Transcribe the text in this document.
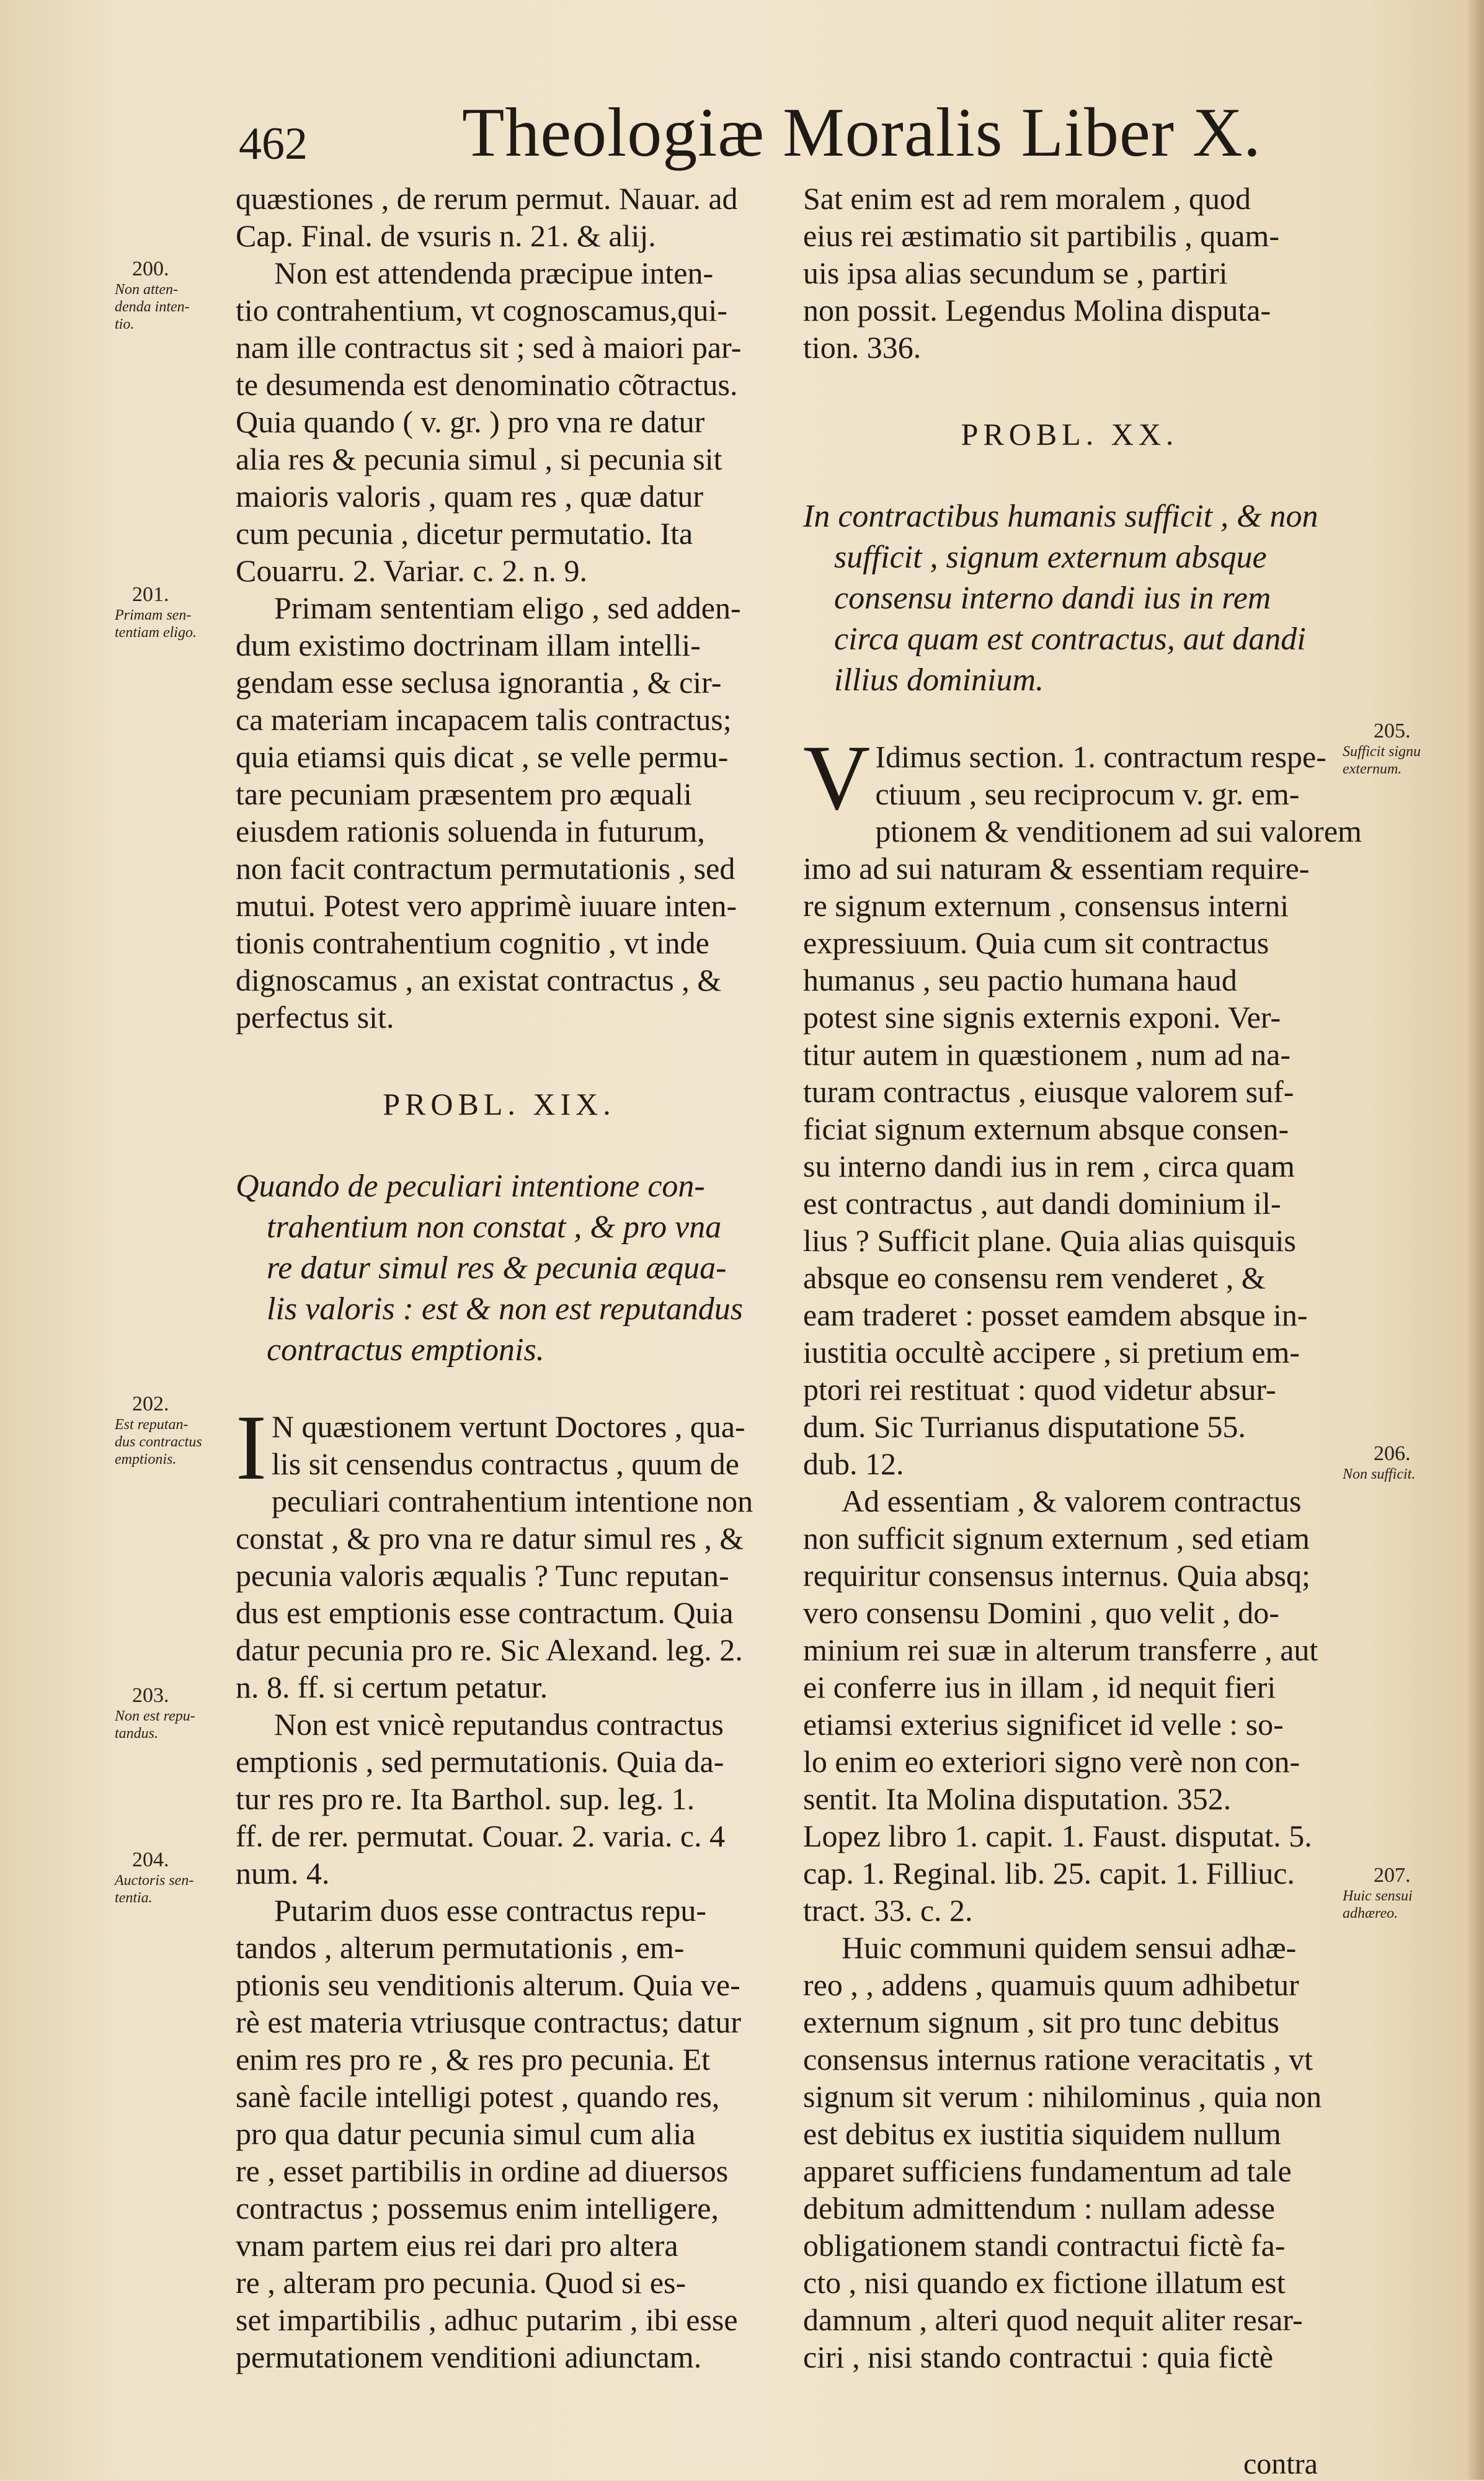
462 Theologiæ Moralis Liber X.
200.
Non atten-
denda inten-
tio.
201.
Primam sen-
tentiam eligo.
202.
Est reputan-
dus contractus
emptionis.
203.
Non est repu-
tandus.
204.
Auctoris sen-
tentia.
205.
Sufficit signu
externum.
206.
Non sufficit.
207.
Huic sensui
adhæreo.

quæstiones , de rerum permut. Nauar. ad
Cap. Final. de vsuris n. 21. & alij.

Non est attendenda præcipue inten-
tio contrahentium, vt cognoscamus,qui-
nam ille contractus sit ; sed à maiori par-
te desumenda est denominatio cõtractus.
Quia quando ( v. gr. ) pro vna re datur
alia res & pecunia simul , si pecunia sit
maioris valoris , quam res , quæ datur
cum pecunia , dicetur permutatio. Ita
Couarru. 2. Variar. c. 2. n. 9.

Primam sententiam eligo , sed adden-
dum existimo doctrinam illam intelli-
gendam esse seclusa ignorantia , & cir-
ca materiam incapacem talis contractus;
quia etiamsi quis dicat , se velle permu-
tare pecuniam præsentem pro æquali
eiusdem rationis soluenda in futurum,
non facit contractum permutationis , sed
mutui. Potest vero apprimè iuuare inten-
tionis contrahentium cognitio , vt inde
dignoscamus , an existat contractus , &
perfectus sit.

PROBL. XIX.
Quando de peculiari intentione con-
trahentium non constat , & pro vna
re datur simul res & pecunia æqua-
lis valoris : est & non est reputandus
contractus emptionis.

I N quæstionem vertunt Doctores , qua-
lis sit censendus contractus , quum de
peculiari contrahentium intentione non
constat , & pro vna re datur simul res , &
pecunia valoris æqualis ? Tunc reputan-
dus est emptionis esse contractum. Quia
datur pecunia pro re. Sic Alexand. leg. 2.
n. 8. ff. si certum petatur.

Non est vnicè reputandus contractus
emptionis , sed permutationis. Quia da-
tur res pro re. Ita Barthol. sup. leg. 1.
ff. de rer. permutat. Couar. 2. varia. c. 4
num. 4.

Putarim duos esse contractus repu-
tandos , alterum permutationis , em-
ptionis seu venditionis alterum. Quia ve-
rè est materia vtriusque contractus; datur
enim res pro re , & res pro pecunia. Et
sanè facile intelligi potest , quando res,
pro qua datur pecunia simul cum alia
re , esset partibilis in ordine ad diuersos
contractus ; possemus enim intelligere,
vnam partem eius rei dari pro altera
re , alteram pro pecunia. Quod si es-
set impartibilis , adhuc putarim , ibi esse
permutationem venditioni adiunctam.

Sat enim est ad rem moralem , quod
eius rei æstimatio sit partibilis , quam-
uis ipsa alias secundum se , partiri
non possit. Legendus Molina disputa-
tion. 336.

PROBL. XX.
In contractibus humanis sufficit , & non
sufficit , signum externum absque
consensu interno dandi ius in rem
circa quam est contractus, aut dandi
illius dominium.

V Idimus section. 1. contractum respe-
ctiuum , seu reciprocum v. gr. em-
ptionem & venditionem ad sui valorem
imo ad sui naturam & essentiam require-
re signum externum , consensus interni
expressiuum. Quia cum sit contractus
humanus , seu pactio humana haud
potest sine signis externis exponi. Ver-
titur autem in quæstionem , num ad na-
turam contractus , eiusque valorem suf-
ficiat signum externum absque consen-
su interno dandi ius in rem , circa quam
est contractus , aut dandi dominium il-
lius ? Sufficit plane. Quia alias quisquis
absque eo consensu rem venderet , &
eam traderet : posset eamdem absque in-
iustitia occultè accipere , si pretium em-
ptori rei restituat : quod videtur absur-
dum. Sic Turrianus disputatione 55.
dub. 12.

Ad essentiam , & valorem contractus
non sufficit signum externum , sed etiam
requiritur consensus internus. Quia absq;
vero consensu Domini , quo velit , do-
minium rei suæ in alterum transferre , aut
ei conferre ius in illam , id nequit fieri
etiamsi exterius significet id velle : so-
lo enim eo exteriori signo verè non con-
sentit. Ita Molina disputation. 352.
Lopez libro 1. capit. 1. Faust. disputat. 5.
cap. 1. Reginal. lib. 25. capit. 1. Filliuc.
tract. 33. c. 2.

Huic communi quidem sensui adhæ-
reo , , addens , quamuis quum adhibetur
externum signum , sit pro tunc debitus
consensus internus ratione veracitatis , vt
signum sit verum : nihilominus , quia non
est debitus ex iustitia siquidem nullum
apparet sufficiens fundamentum ad tale
debitum admittendum : nullam adesse
obligationem standi contractui fictè fa-
cto , nisi quando ex fictione illatum est
damnum , alteri quod nequit aliter resar-
ciri , nisi stando contractui : quia fictè

contra
